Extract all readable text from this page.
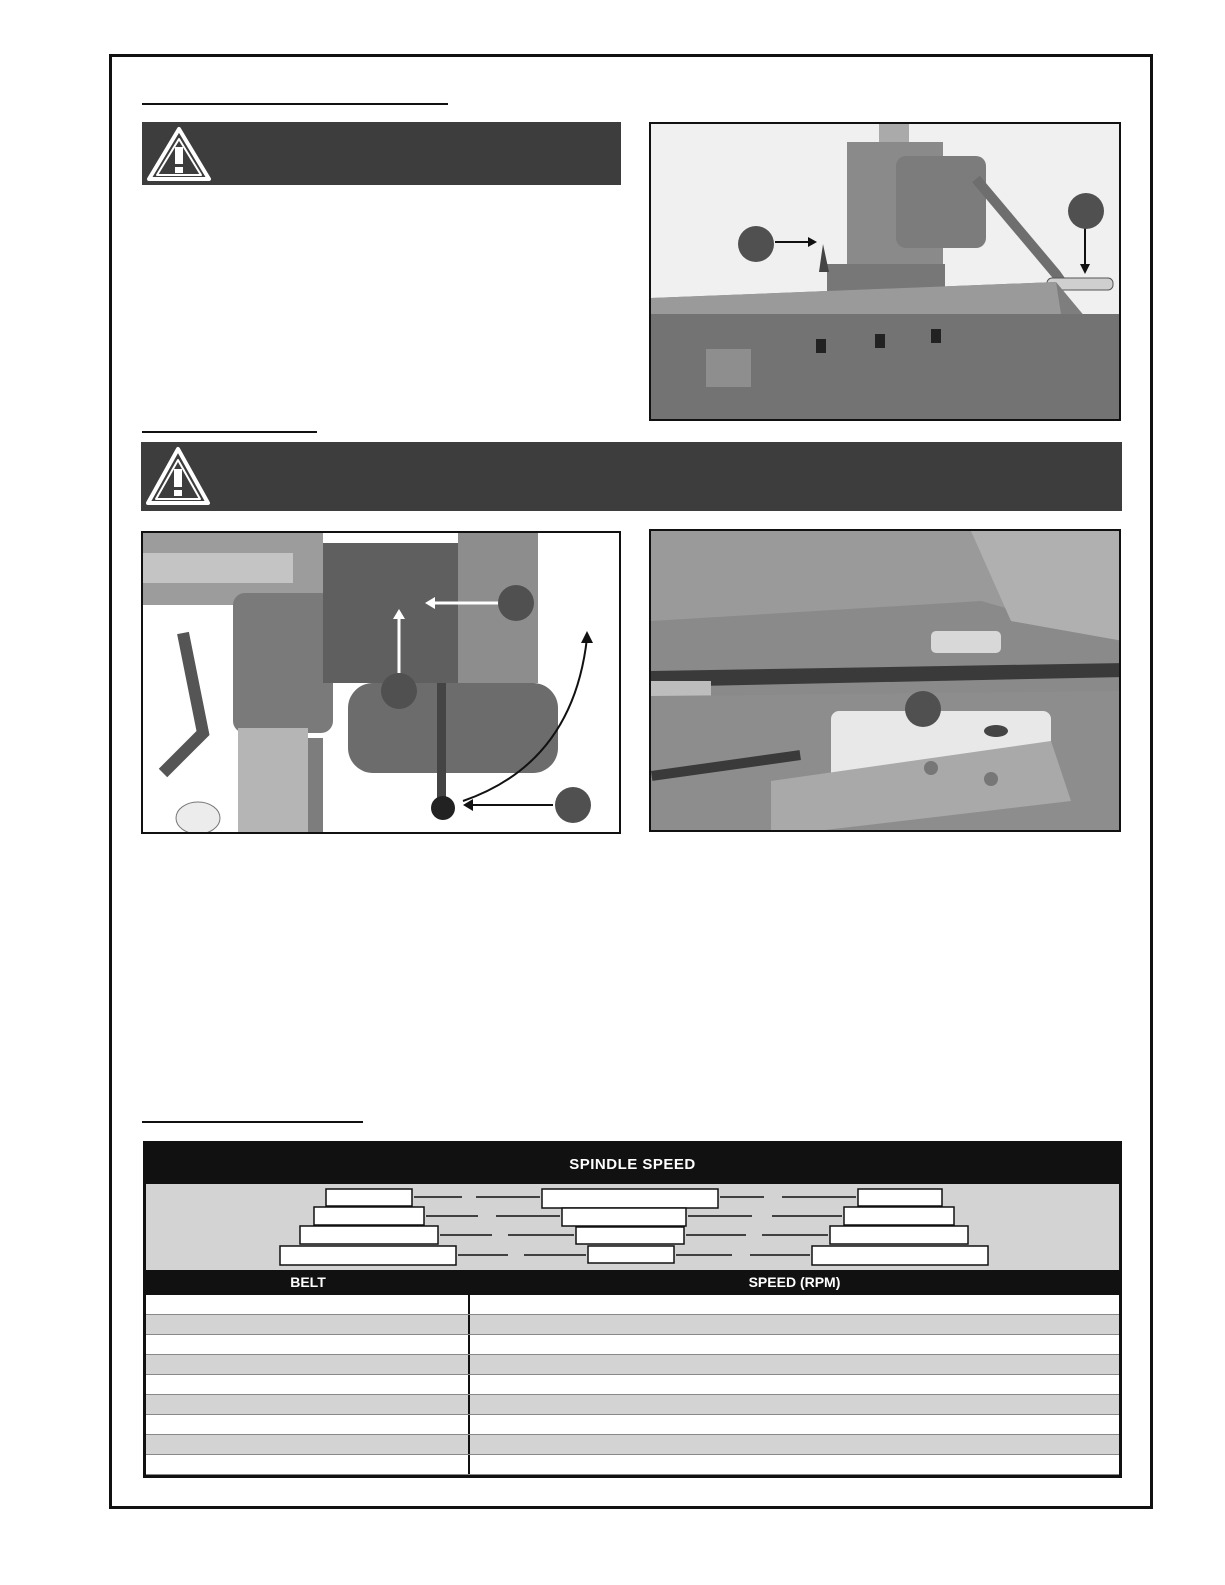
SPINDLE SPEED
BELT	SPEED (RPM)
